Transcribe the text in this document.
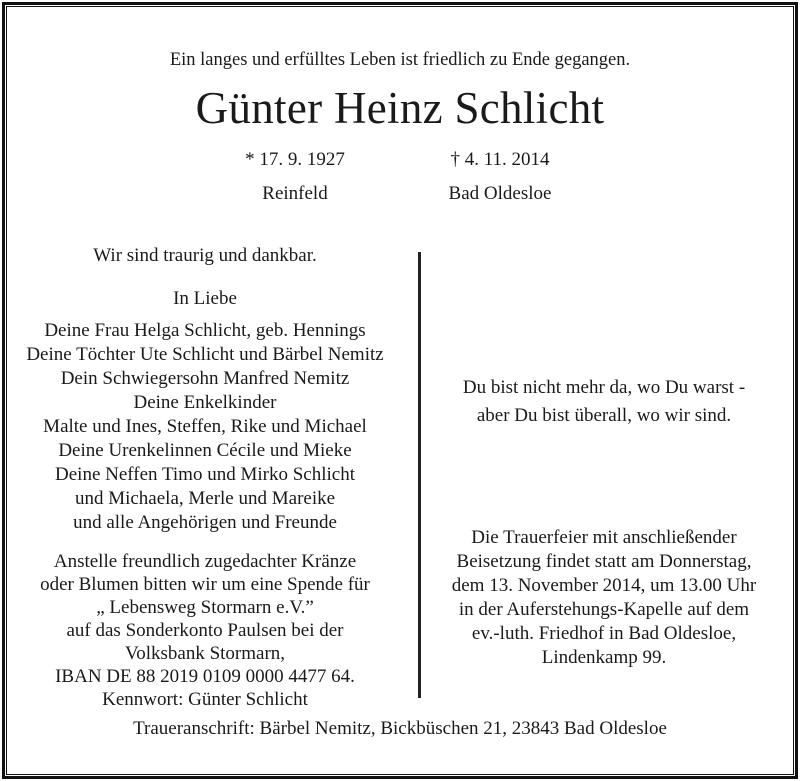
Ein langes und erfülltes Leben ist friedlich zu Ende gegangen.
Günter Heinz Schlicht
* 17. 9. 1927	† 4. 11. 2014
Reinfeld	Bad Oldesloe
Wir sind traurig und dankbar.
In Liebe
Deine Frau Helga Schlicht, geb. Hennings
Deine Töchter Ute Schlicht und Bärbel Nemitz
Dein Schwiegersohn Manfred Nemitz
Deine Enkelkinder
Malte und Ines, Steffen, Rike und Michael
Deine Urenkelinnen Cécile und Mieke
Deine Neffen Timo und Mirko Schlicht
und Michaela, Merle und Mareike
und alle Angehörigen und Freunde
Anstelle freundlich zugedachter Kränze
oder Blumen bitten wir um eine Spende für
„ Lebensweg Stormarn e.V.”
auf das Sonderkonto Paulsen bei der
Volksbank Stormarn,
IBAN DE 88 2019 0109 0000 4477 64.
Kennwort: Günter Schlicht
Du bist nicht mehr da, wo Du warst -
aber Du bist überall, wo wir sind.
Die Trauerfeier mit anschließender
Beisetzung findet statt am Donnerstag,
dem 13. November 2014, um 13.00 Uhr
in der Auferstehungs-Kapelle auf dem
ev.-luth. Friedhof in Bad Oldesloe,
Lindenkamp 99.
Traueranschrift: Bärbel Nemitz, Bickbüschen 21, 23843 Bad Oldesloe
